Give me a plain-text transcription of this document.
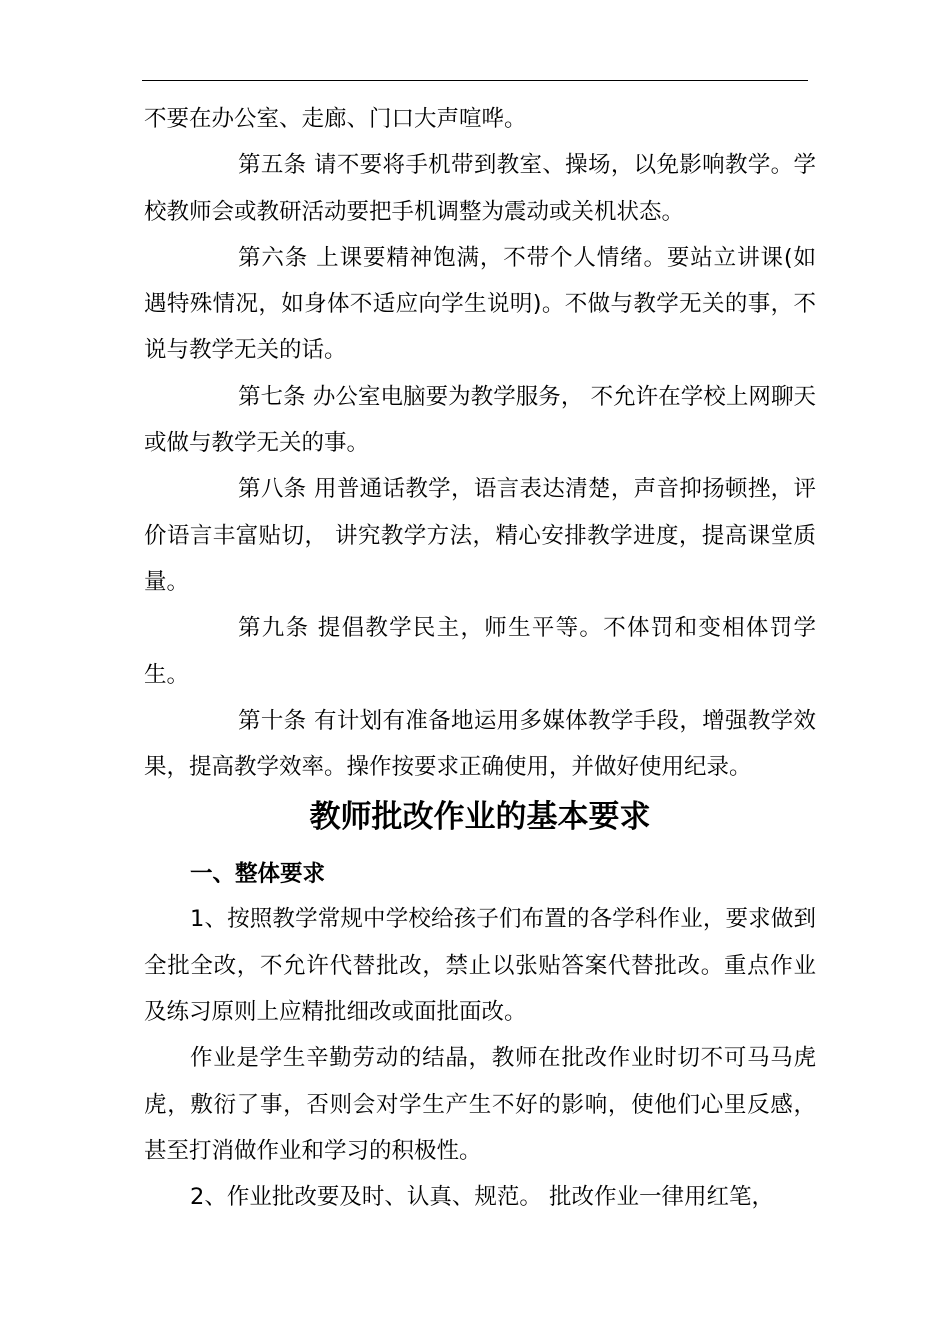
不要在办公室、走廊、门口大声喧哗。

第五条 请不要将手机带到教室、操场，以免影响教学。学校教师会或教研活动要把手机调整为震动或关机状态。

第六条 上课要精神饱满，不带个人情绪。要站立讲课(如遇特殊情况，如身体不适应向学生说明)。不做与教学无关的事，不说与教学无关的话。

第七条 办公室电脑要为教学服务， 不允许在学校上网聊天或做与教学无关的事。

第八条 用普通话教学，语言表达清楚，声音抑扬顿挫，评价语言丰富贴切， 讲究教学方法，精心安排教学进度，提高课堂质量。

第九条 提倡教学民主，师生平等。不体罚和变相体罚学生。

第十条 有计划有准备地运用多媒体教学手段，增强教学效果，提高教学效率。操作按要求正确使用，并做好使用纪录。

教师批改作业的基本要求
一、整体要求

1、按照教学常规中学校给孩子们布置的各学科作业，要求做到全批全改，不允许代替批改，禁止以张贴答案代替批改。重点作业及练习原则上应精批细改或面批面改。

作业是学生辛勤劳动的结晶，教师在批改作业时切不可马马虎虎，敷衍了事，否则会对学生产生不好的影响，使他们心里反感，甚至打消做作业和学习的积极性。

2、作业批改要及时、认真、规范。 批改作业一律用红笔，
